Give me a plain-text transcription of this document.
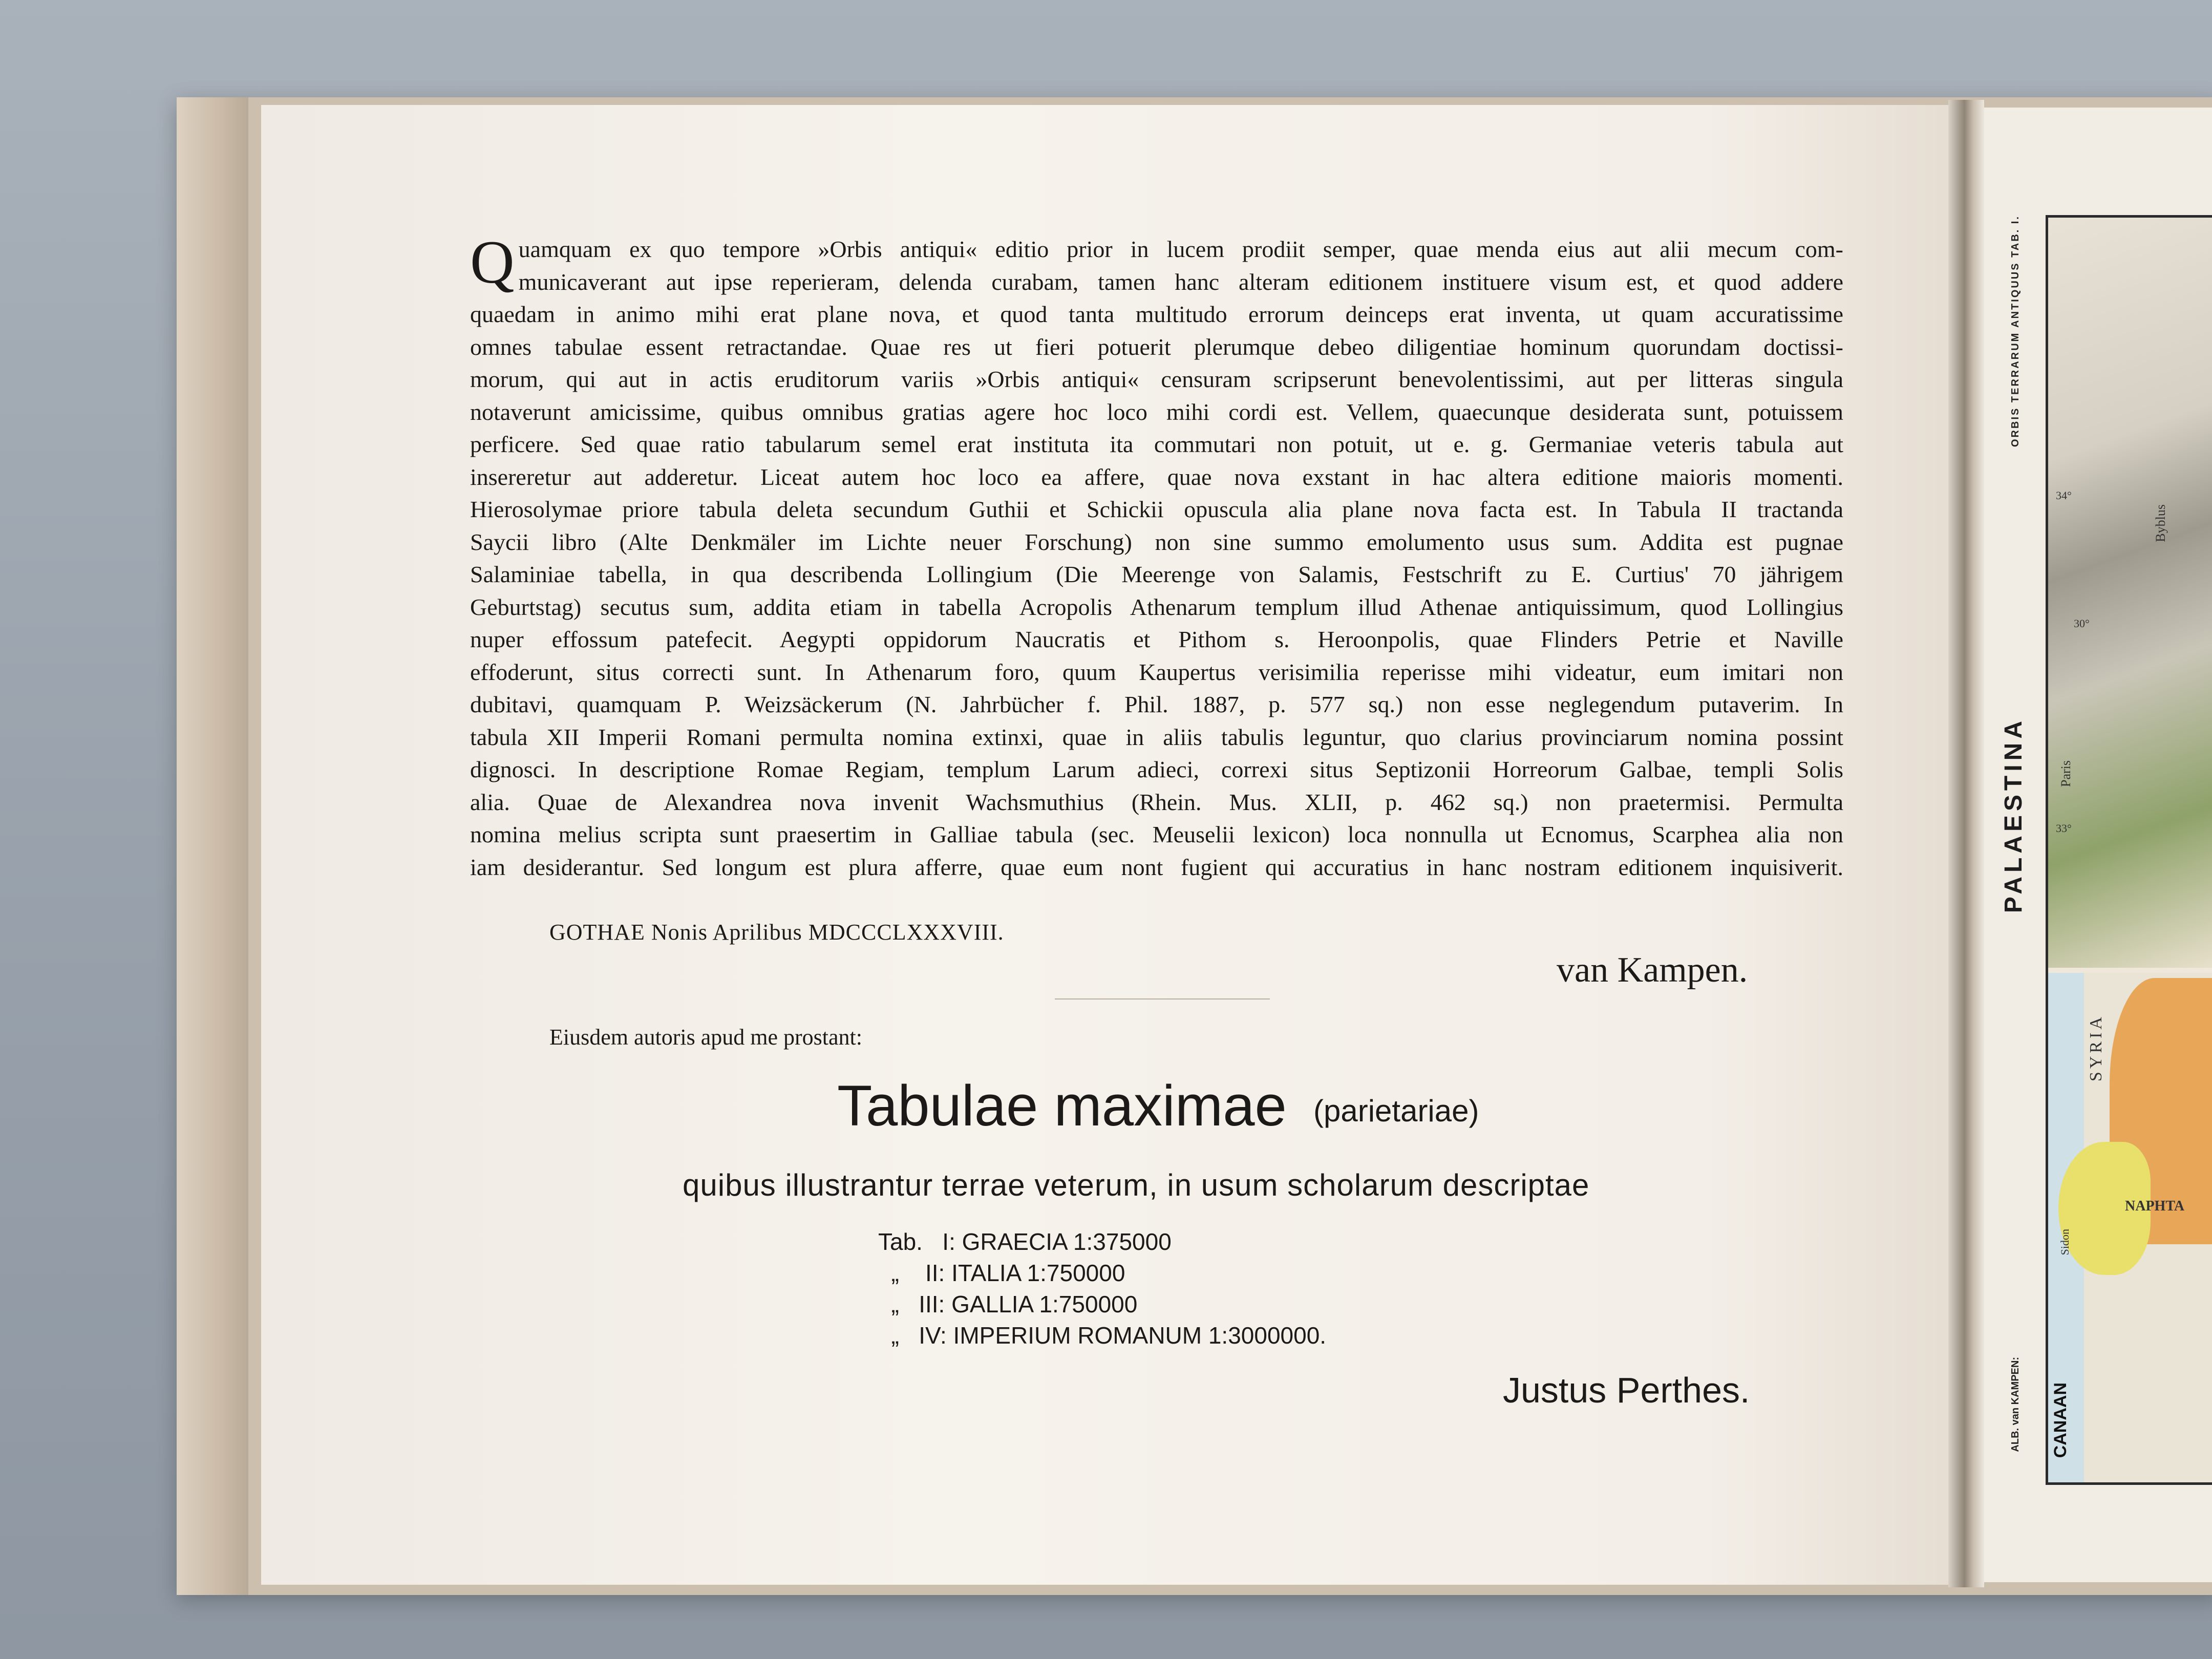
Byblus
Paris
34°
33°
30°
SYRIA
Sidon
NAPHTA
ORBIS TERRARUM ANTIQUUS TAB. I.
PALAESTINA
ALB. van KAMPEN: CANAAN
Q uamquam ex quo tempore »Orbis antiqui« editio prior in lucem prodiit semper, quae menda eius aut alii mecum com-
municaverant aut ipse reperieram, delenda curabam, tamen hanc alteram editionem instituere visum est, et quod addere
quaedam in animo mihi erat plane nova, et quod tanta multitudo errorum deinceps erat inventa, ut quam accuratissime
omnes tabulae essent retractandae. Quae res ut fieri potuerit plerumque debeo diligentiae hominum quorundam doctissi-
morum, qui aut in actis eruditorum variis »Orbis antiqui« censuram scripserunt benevolentissimi, aut per litteras singula
notaverunt amicissime, quibus omnibus gratias agere hoc loco mihi cordi est. Vellem, quaecunque desiderata sunt, potuissem
perficere. Sed quae ratio tabularum semel erat instituta ita commutari non potuit, ut e. g. Germaniae veteris tabula aut
insereretur aut adderetur. Liceat autem hoc loco ea affere, quae nova exstant in hac altera editione maioris momenti.
Hierosolymae priore tabula deleta secundum Guthii et Schickii opuscula alia plane nova facta est. In Tabula II tractanda
Saycii libro (Alte Denkmäler im Lichte neuer Forschung) non sine summo emolumento usus sum. Addita est pugnae
Salaminiae tabella, in qua describenda Lollingium (Die Meerenge von Salamis, Festschrift zu E. Curtius' 70 jährigem
Geburtstag) secutus sum, addita etiam in tabella Acropolis Athenarum templum illud Athenae antiquissimum, quod Lollingius
nuper effossum patefecit. Aegypti oppidorum Naucratis et Pithom s. Heroonpolis, quae Flinders Petrie et Naville
effoderunt, situs correcti sunt. In Athenarum foro, quum Kaupertus verisimilia reperisse mihi videatur, eum imitari non
dubitavi, quamquam P. Weizsäckerum (N. Jahrbücher f. Phil. 1887, p. 577 sq.) non esse neglegendum putaverim. In
tabula XII Imperii Romani permulta nomina extinxi, quae in aliis tabulis leguntur, quo clarius provinciarum nomina possint
dignosci. In descriptione Romae Regiam, templum Larum adieci, correxi situs Septizonii Horreorum Galbae, templi Solis
alia. Quae de Alexandrea nova invenit Wachsmuthius (Rhein. Mus. XLII, p. 462 sq.) non praetermisi. Permulta
nomina melius scripta sunt praesertim in Galliae tabula (sec. Meuselii lexicon) loca nonnulla ut Ecnomus, Scarphea alia non
iam desiderantur. Sed longum est plura afferre, quae eum nont fugient qui accuratius in hanc nostram editionem inquisiverit.
GOTHAE Nonis Aprilibus MDCCCLXXXVIII.
van Kampen.
Eiusdem autoris apud me prostant:
Tabulae maximae (parietariae)
quibus illustrantur terrae veterum, in usum scholarum descriptae
Tab.   I: GRAECIA 1:375000
„    II: ITALIA 1:750000
„   III: GALLIA 1:750000
„   IV: IMPERIUM ROMANUM 1:3000000.
Justus Perthes.
